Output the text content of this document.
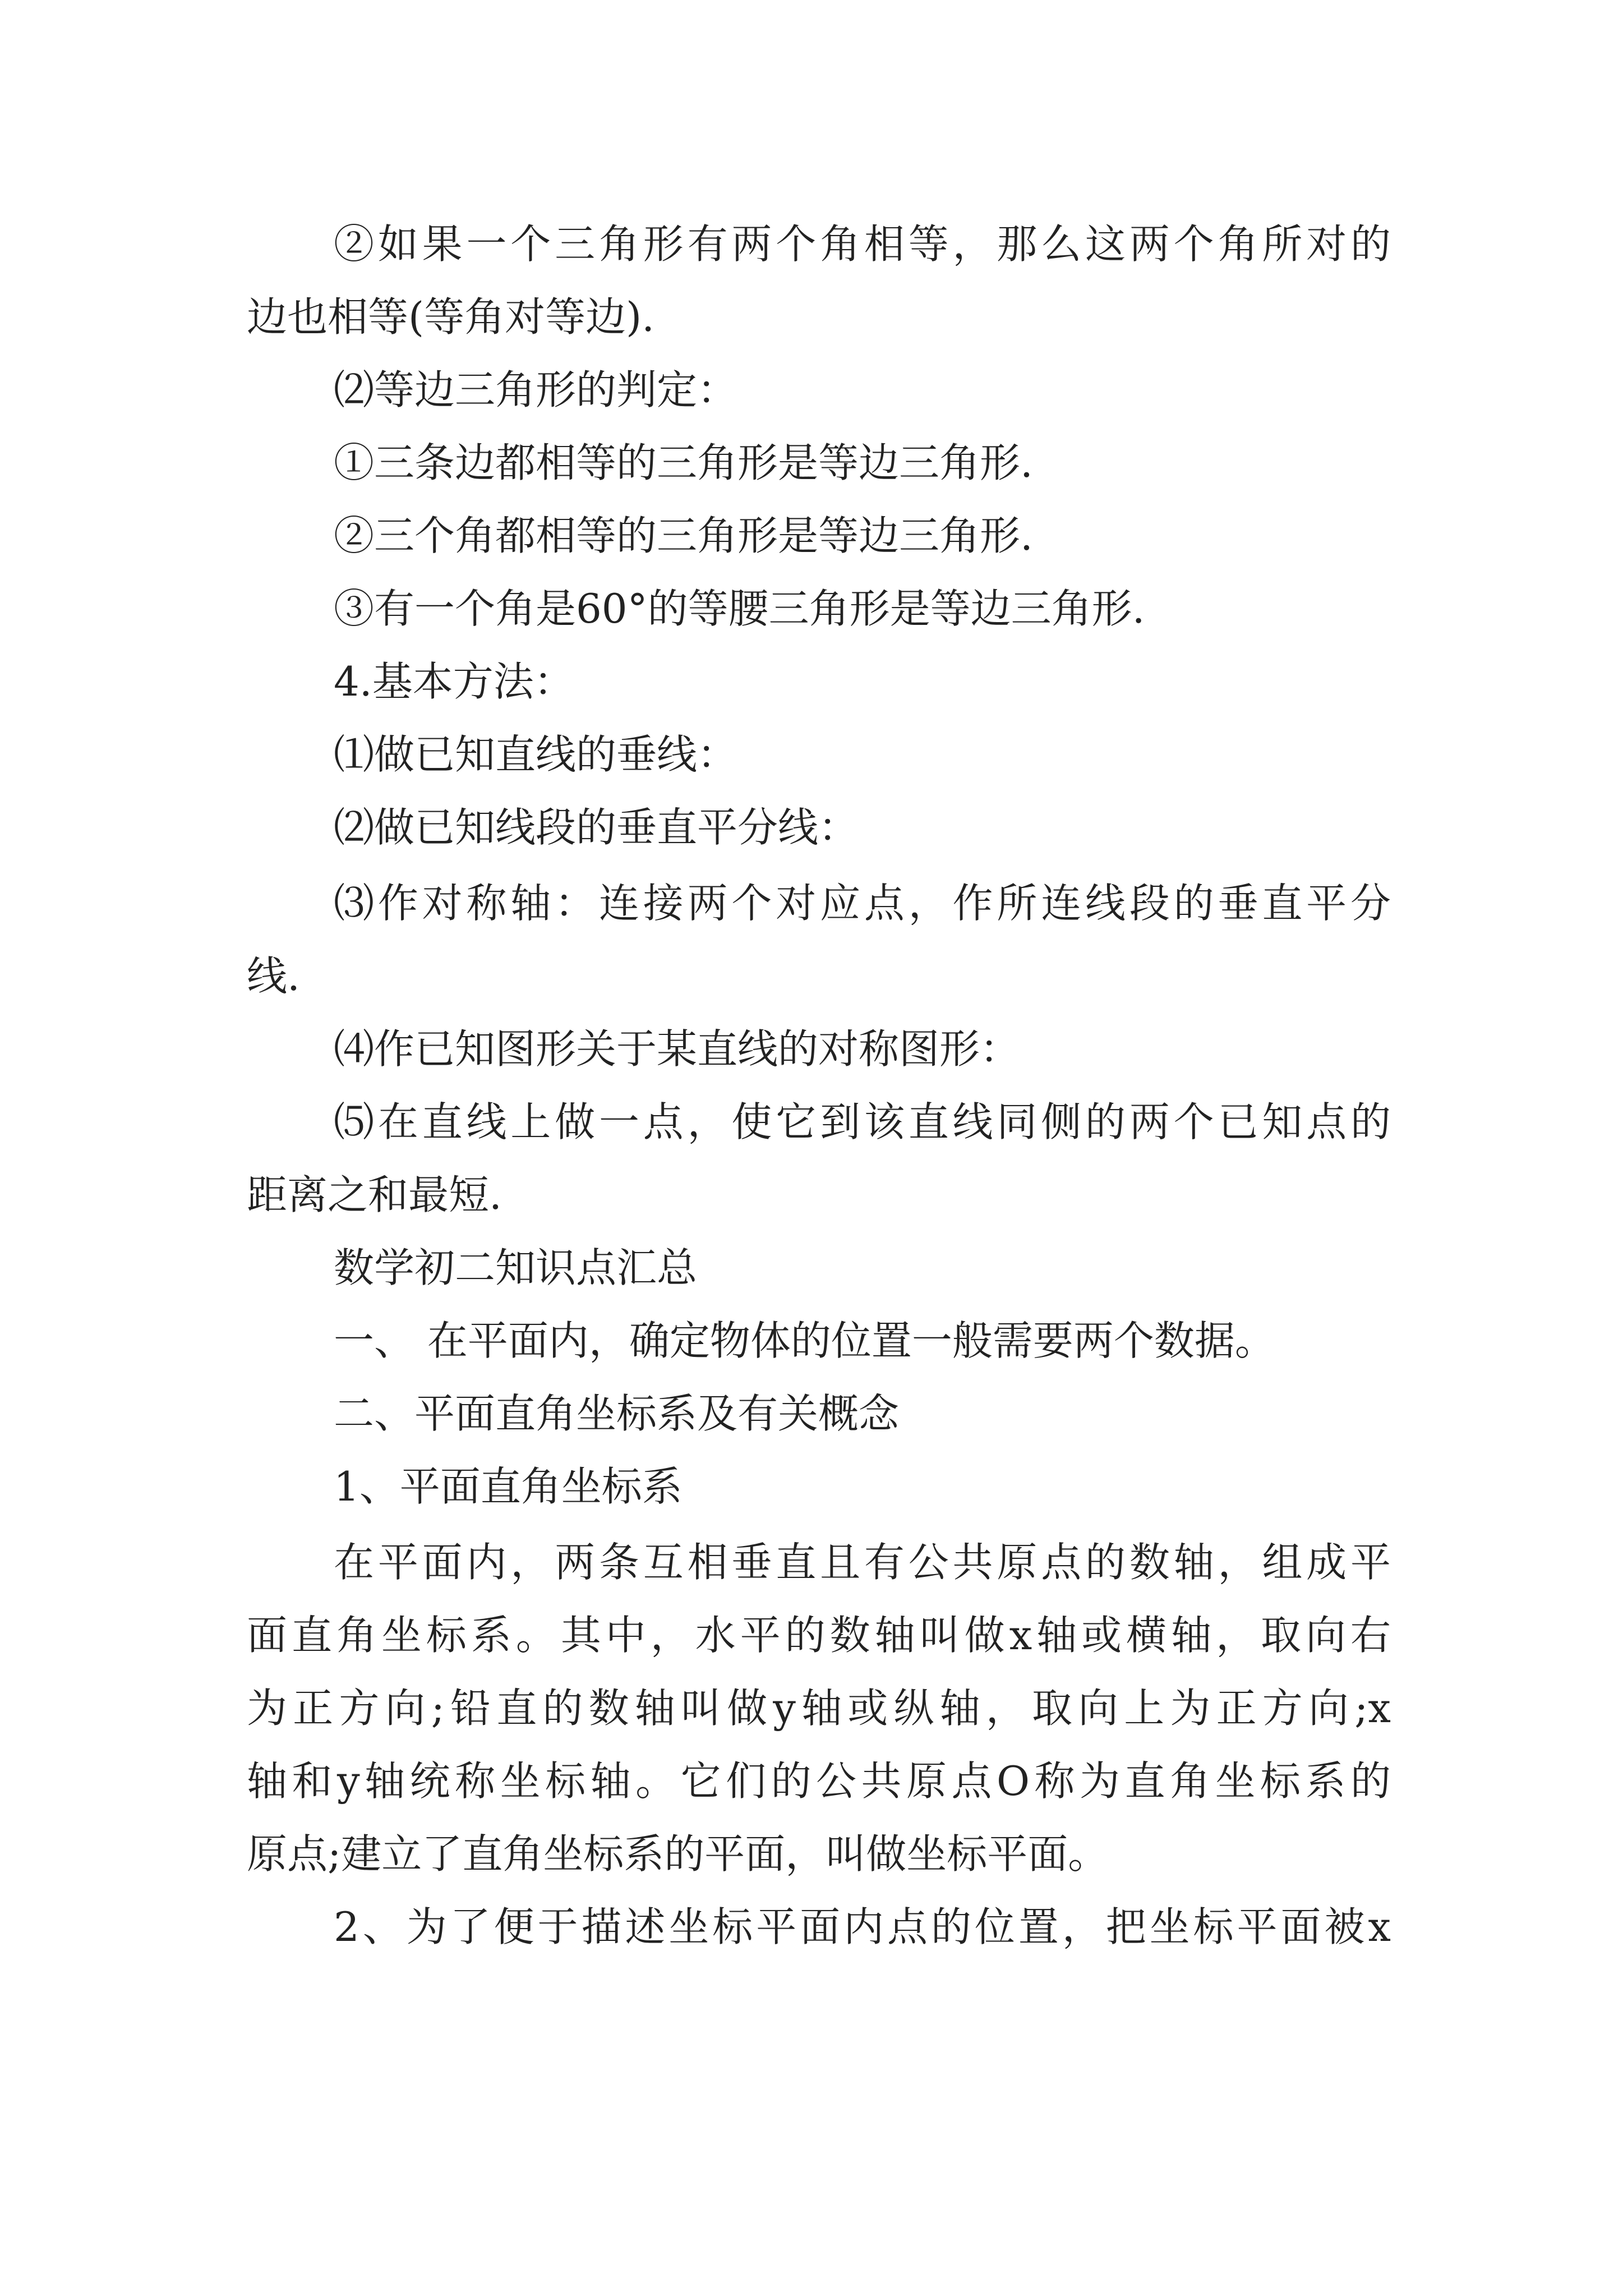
②如果一个三角形有两个角相等，那么这两个角所对的
边也相等(等角对等边).
⑵等边三角形的判定：
①三条边都相等的三角形是等边三角形.
②三个角都相等的三角形是等边三角形.
③有一个角是60°的等腰三角形是等边三角形.
4.基本方法：
⑴做已知直线的垂线：
⑵做已知线段的垂直平分线：
⑶作对称轴：连接两个对应点，作所连线段的垂直平分
线.
⑷作已知图形关于某直线的对称图形：
⑸在直线上做一点，使它到该直线同侧的两个已知点的
距离之和最短.
数学初二知识点汇总
一、 在平面内，确定物体的位置一般需要两个数据。
二、平面直角坐标系及有关概念
1、平面直角坐标系
在平面内，两条互相垂直且有公共原点的数轴，组成平
面直角坐标系。其中，水平的数轴叫做x轴或横轴，取向右
为正方向;铅直的数轴叫做y轴或纵轴，取向上为正方向;x
轴和y轴统称坐标轴。它们的公共原点O称为直角坐标系的
原点;建立了直角坐标系的平面，叫做坐标平面。
2、为了便于描述坐标平面内点的位置，把坐标平面被x
